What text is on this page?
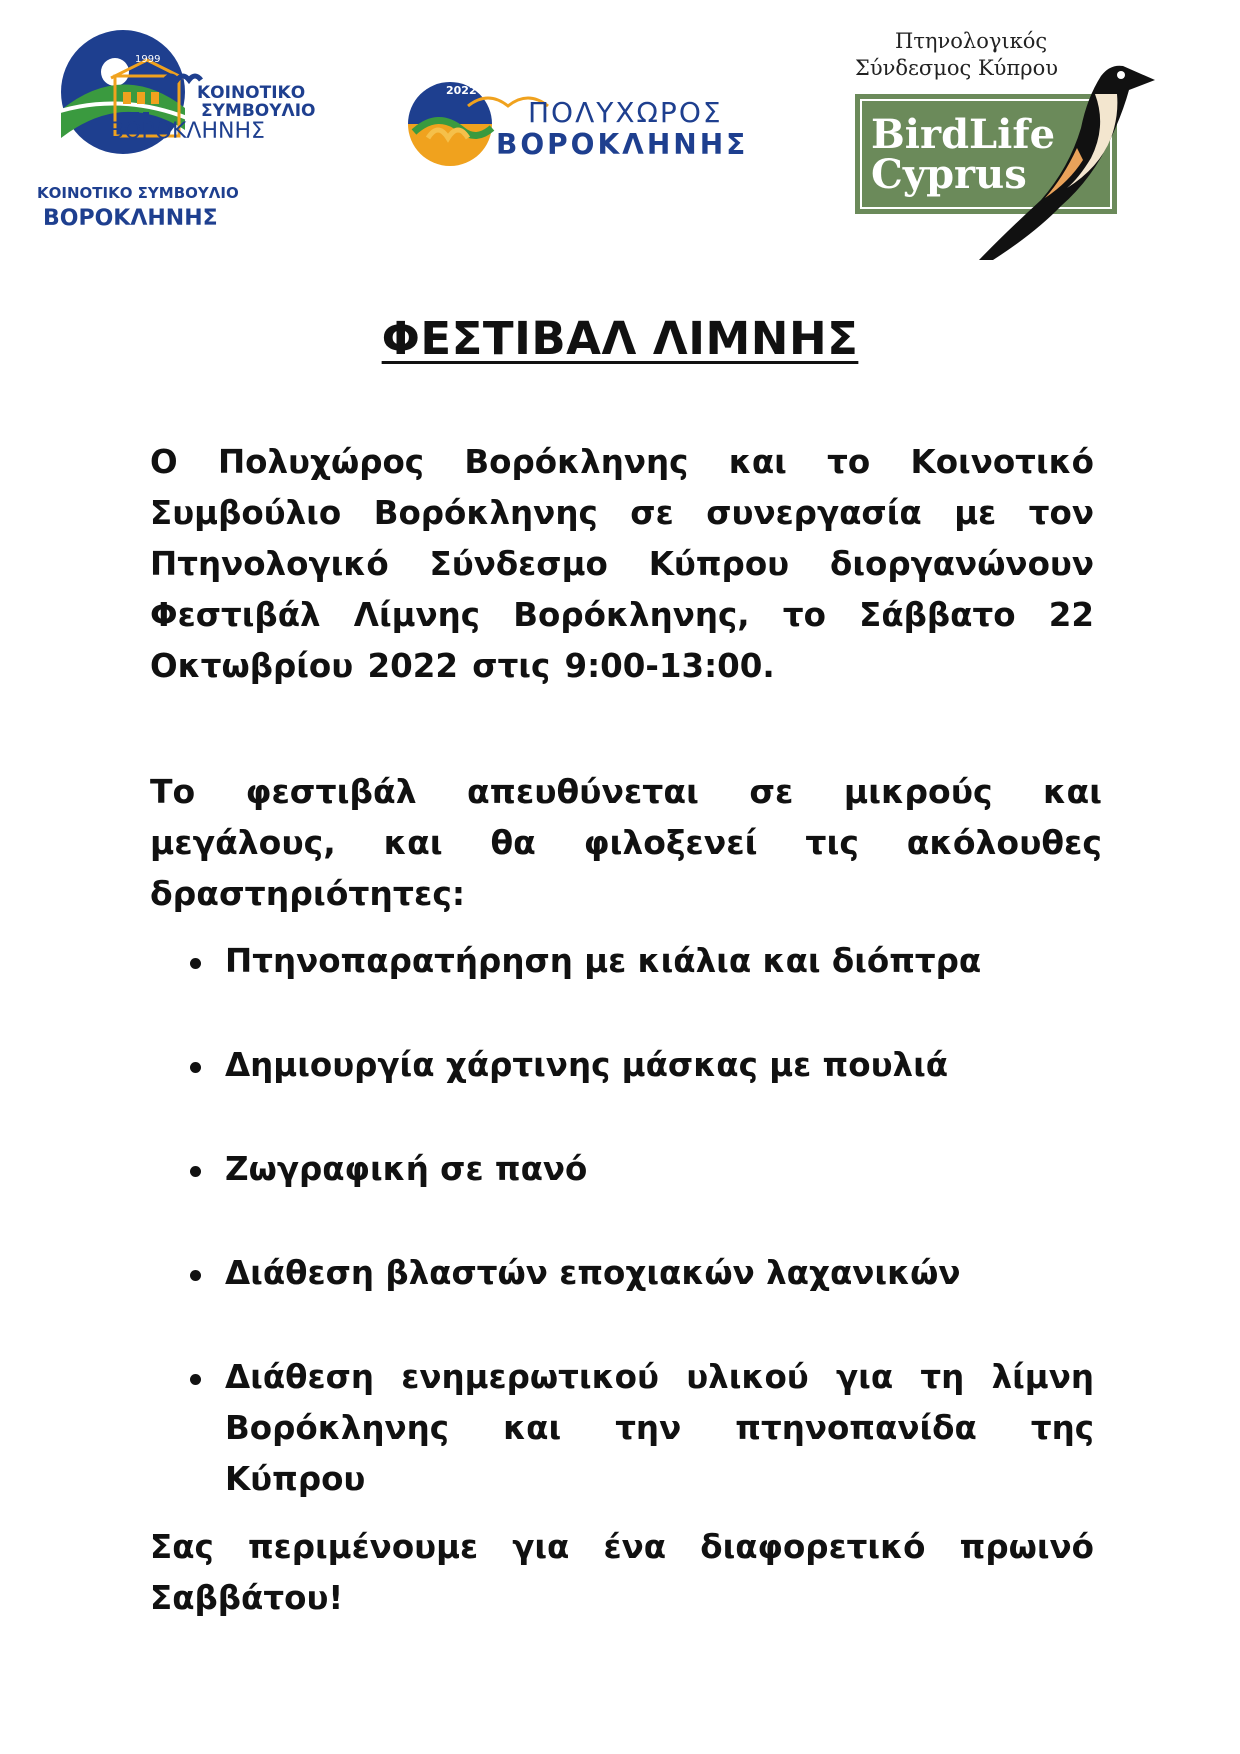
1999
ΚΟΙΝΟΤΙΚΟ
ΣΥΜΒΟΥΛΙΟ
ΒΟΡΟΚΛΗΝΗΣ
ΚΟΙΝΟΤΙΚΟ ΣΥΜΒΟΥΛΙΟ
ΒΟΡΟΚΛΗΝΗΣ
2022
ΠΟΛΥΧΩΡΟΣ
ΒΟΡΟΚΛΗΝΗΣ
Πτηνολογικός
Σύνδεσμος Κύπρου
BirdLife
Cyprus
ΦΕΣΤΙΒΑΛ ΛΙΜΝΗΣ

Ο Πολυχώρος Βορόκληνης και το Κοινοτικό Συμβούλιο Βορόκληνης σε συνεργασία με τον Πτηνολογικό Σύνδεσμο Κύπρου διοργανώνουν Φεστιβάλ Λίμνης Βορόκληνης, το Σάββατο 22 Οκτωβρίου 2022 στις 9:00-13:00.

Το φεστιβάλ απευθύνεται σε μικρούς και μεγάλους, και θα φιλοξενεί τις ακόλουθες δραστηριότητες:

Πτηνοπαρατήρηση με κιάλια και διόπτρα
Δημιουργία χάρτινης μάσκας με πουλιά
Ζωγραφική σε πανό
Διάθεση βλαστών εποχιακών λαχανικών
Διάθεση ενημερωτικού υλικού για τη λίμνη Βορόκληνης και την πτηνοπανίδα της Κύπρου

Σας περιμένουμε για ένα διαφορετικό πρωινό Σαββάτου!
